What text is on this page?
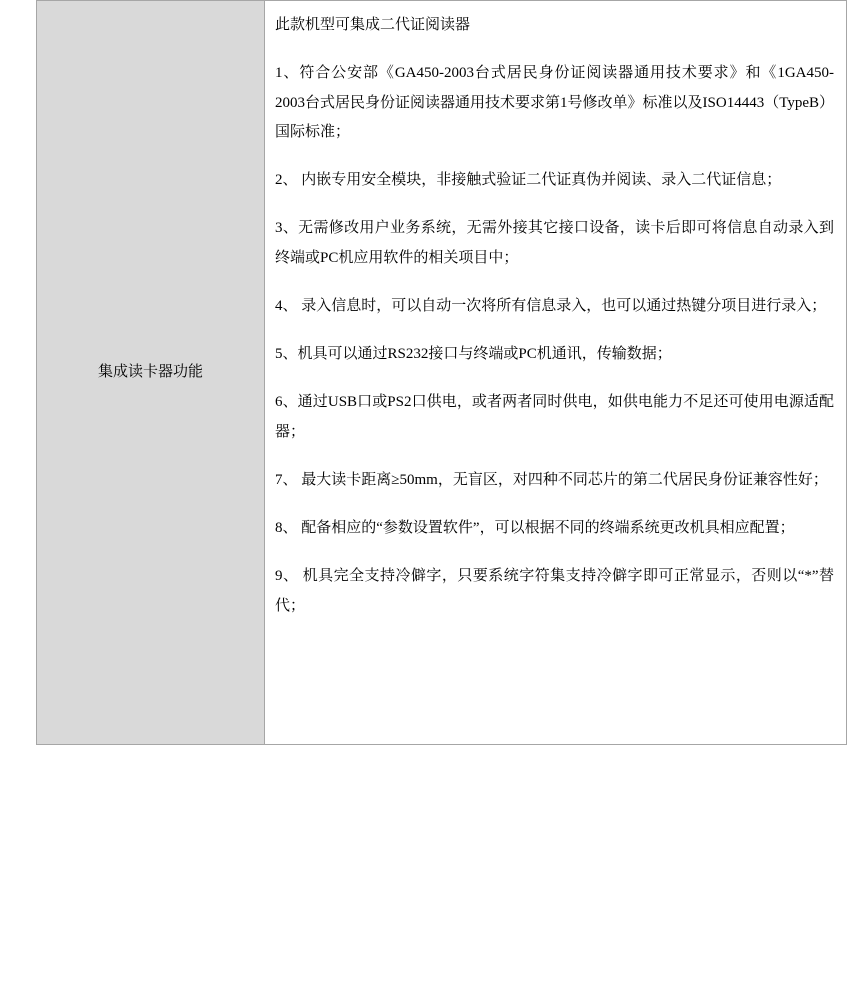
集成读卡器功能	

此款机型可集成二代证阅读器

1、符合公安部《GA450-2003台式居民身份证阅读器通用技术要求》和《1GA450-2003台式居民身份证阅读器通用技术要求第1号修改单》标准以及ISO14443（TypeB）国际标准；

2、 内嵌专用安全模块，非接触式验证二代证真伪并阅读、录入二代证信息；

3、无需修改用户业务系统，无需外接其它接口设备，读卡后即可将信息自动录入到终端或PC机应用软件的相关项目中；

4、 录入信息时，可以自动一次将所有信息录入，也可以通过热键分项目进行录入；

5、机具可以通过RS232接口与终端或PC机通讯，传输数据；

6、通过USB口或PS2口供电，或者两者同时供电，如供电能力不足还可使用电源适配器；

7、 最大读卡距离≥50mm，无盲区，对四种不同芯片的第二代居民身份证兼容性好；

8、 配备相应的“参数设置软件”，可以根据不同的终端系统更改机具相应配置；

9、 机具完全支持冷僻字，只要系统字符集支持冷僻字即可正常显示，否则以“*”替代；
